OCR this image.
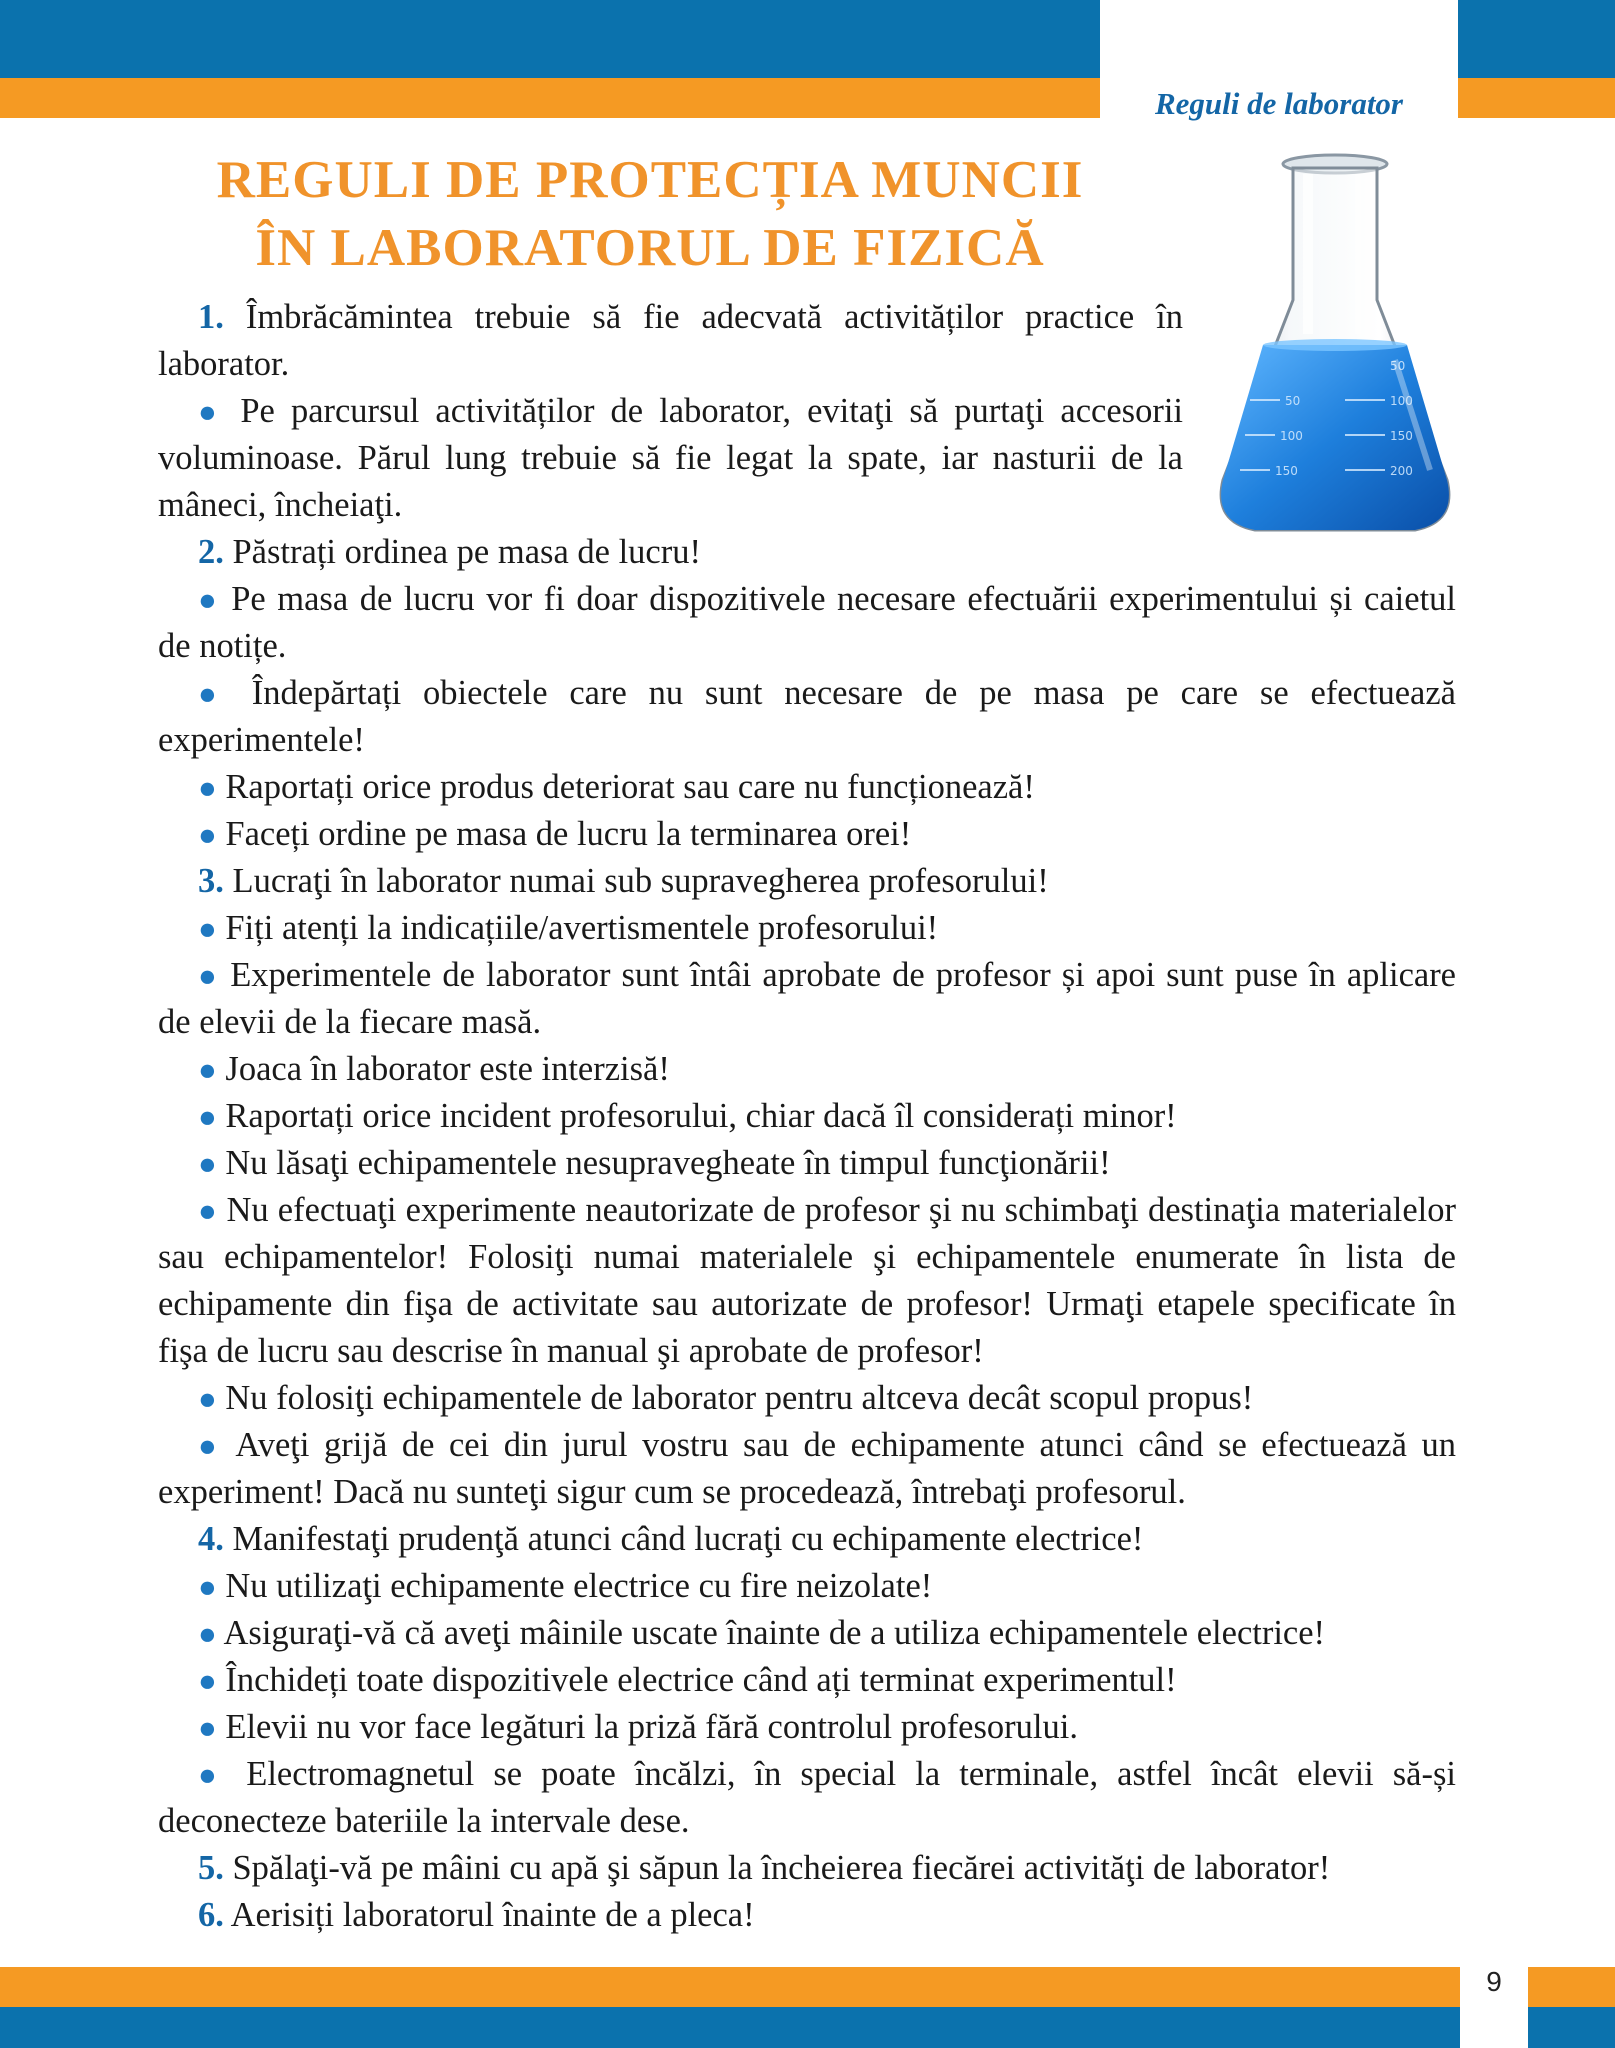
Reguli de laborator
REGULI DE PROTECȚIA MUNCII
ÎN LABORATORUL DE FIZICĂ
50
100
150
50
100
150
200

1. Îmbrăcămintea trebuie să fie adecvată activităților practice în laborator.

● Pe parcursul activităților de laborator, evitaţi să purtaţi accesorii voluminoase. Părul lung trebuie să fie legat la spate, iar nasturii de la mâneci, încheiaţi.

2. Păstrați ordinea pe masa de lucru!

● Pe masa de lucru vor fi doar dispozitivele necesare efectuării experimentului și caietul de notițe.

● Îndepărtați obiectele care nu sunt necesare de pe masa pe care se efectuează experimentele!

● Raportați orice produs deteriorat sau care nu funcționează!

● Faceți ordine pe masa de lucru la terminarea orei!

3. Lucraţi în laborator numai sub supravegherea profesorului!

● Fiți atenți la indicațiile/avertismentele profesorului!

● Experimentele de laborator sunt întâi aprobate de profesor și apoi sunt puse în aplicare de elevii de la fiecare masă.

● Joaca în laborator este interzisă!

● Raportați orice incident profesorului, chiar dacă îl considerați minor!

● Nu lăsaţi echipamentele nesupravegheate în timpul funcţionării!

● Nu efectuaţi experimente neautorizate de profesor şi nu schimbaţi destinaţia materialelor sau echipamentelor! Folosiţi numai materialele şi echipamentele enumerate în lista de echipamente din fişa de activitate sau autorizate de profesor! Urmaţi etapele specificate în fişa de lucru sau descrise în manual şi aprobate de profesor!

● Nu folosiţi echipamentele de laborator pentru altceva decât scopul propus!

● Aveţi grijă de cei din jurul vostru sau de echipamente atunci când se efectuează un experiment! Dacă nu sunteţi sigur cum se procedează, întrebaţi profesorul.

4. Manifestaţi prudenţă atunci când lucraţi cu echipamente electrice!

● Nu utilizaţi echipamente electrice cu fire neizolate!

● Asiguraţi-vă că aveţi mâinile uscate înainte de a utiliza echipamentele electrice!

● Închideți toate dispozitivele electrice când ați terminat experimentul!

● Elevii nu vor face legături la priză fără controlul profesorului.

● Electromagnetul se poate încălzi, în special la terminale, astfel încât elevii să-și deconecteze bateriile la intervale dese.

5. Spălaţi-vă pe mâini cu apă şi săpun la încheierea fiecărei activităţi de laborator!

6. Aerisiți laboratorul înainte de a pleca!

9
